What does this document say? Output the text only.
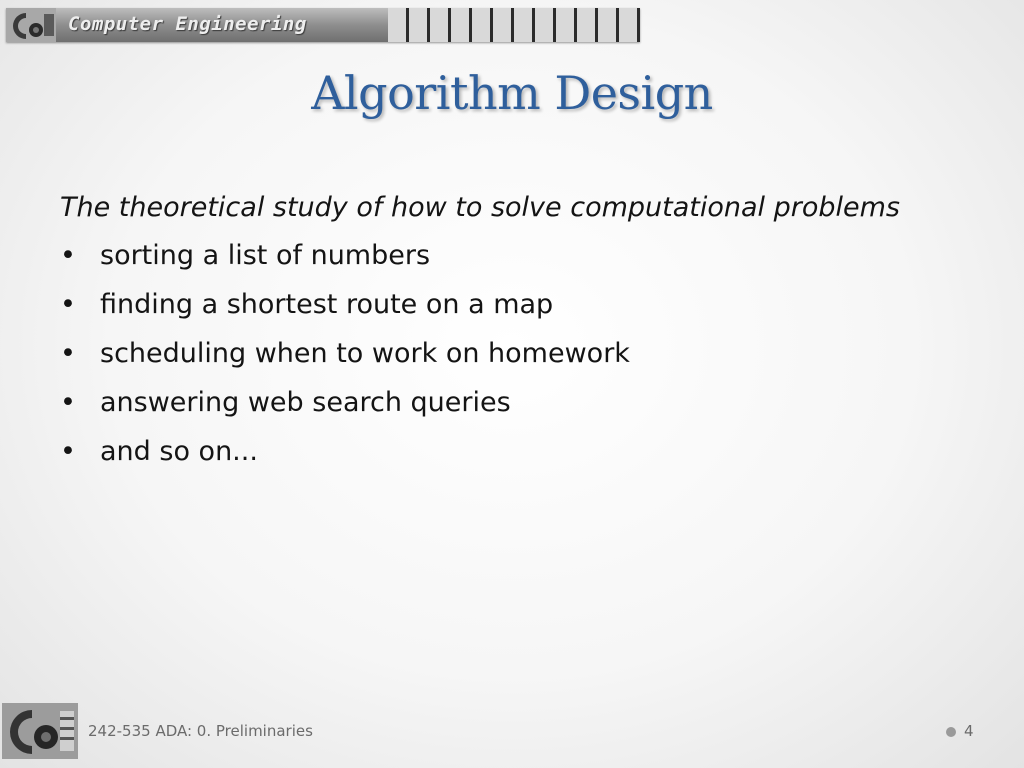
Computer Engineering
Algorithm Design
The theoretical study of how to solve computational problems
• sorting a list of numbers
• finding a shortest route on a map
• scheduling when to work on homework
• answering web search queries
• and so on...
242-535 ADA: 0. Preliminaries	4
